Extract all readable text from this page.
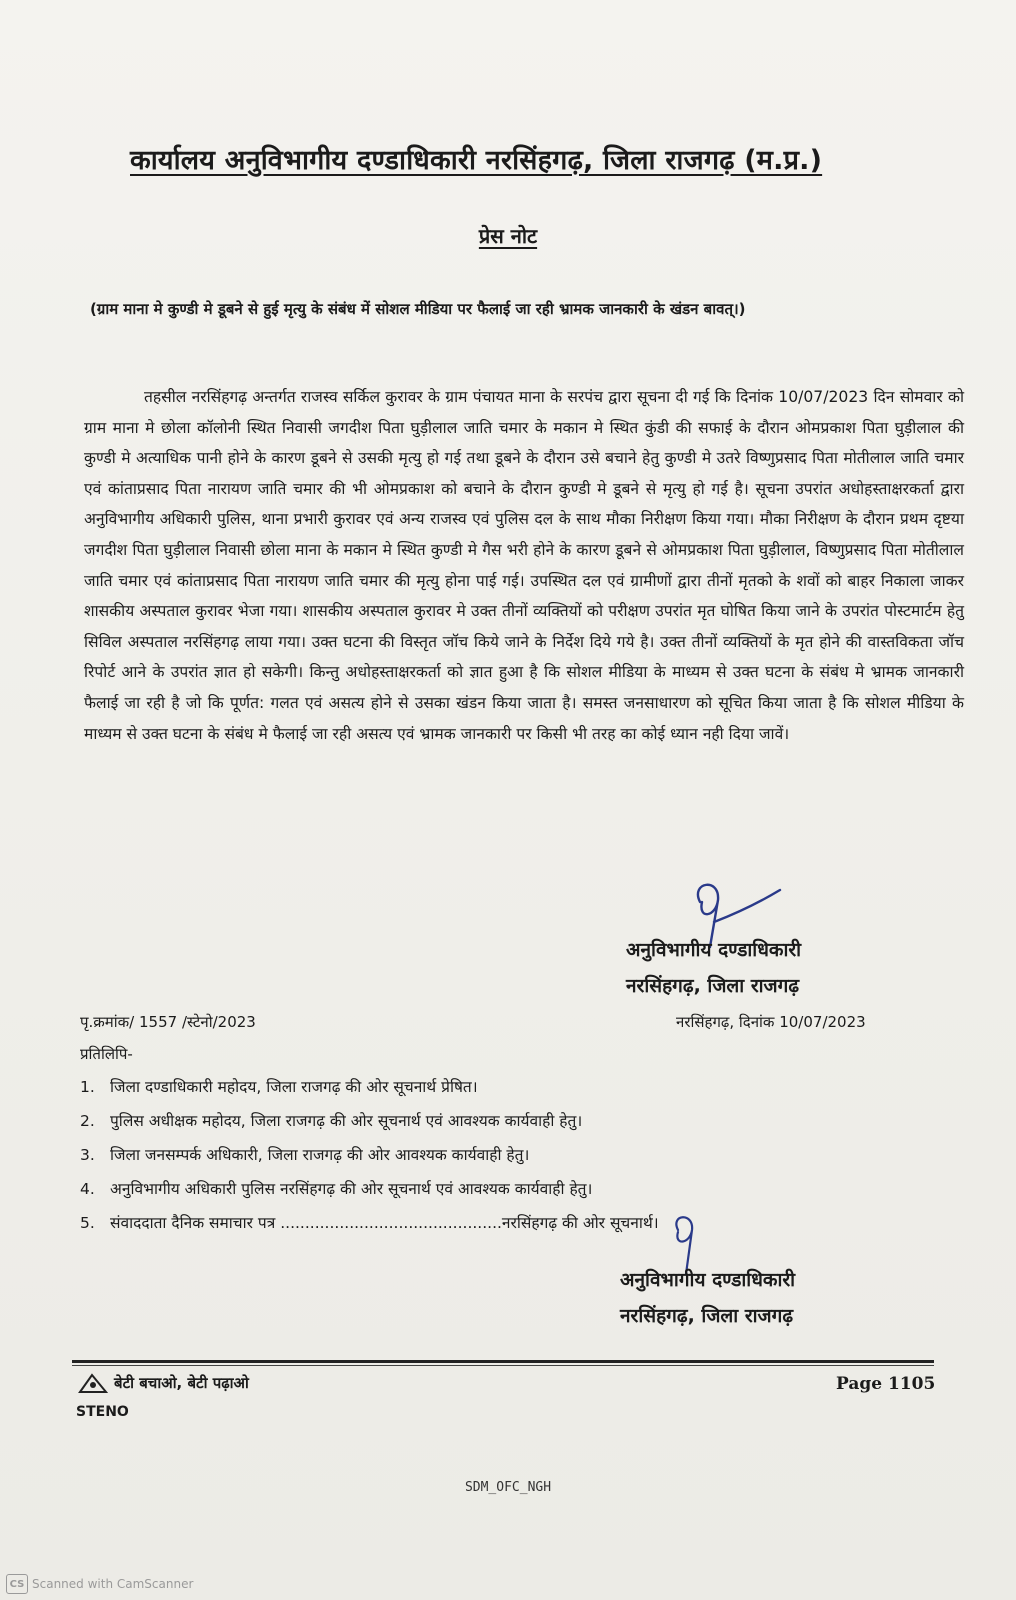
कार्यालय अनुविभागीय दण्डाधिकारी नरसिंहगढ़, जिला राजगढ़ (म.प्र.)
प्रेस नोट
(ग्राम माना मे कुण्डी मे डूबने से हुई मृत्यु के संबंध में सोशल मीडिया पर फैलाई जा रही भ्रामक जानकारी के खंडन बावत्।)
तहसील नरसिंहगढ़ अन्तर्गत राजस्व सर्किल कुरावर के ग्राम पंचायत माना के सरपंच द्वारा सूचना दी गई कि दिनांक 10/07/2023 दिन सोमवार को ग्राम माना मे छोला कॉलोनी स्थित निवासी जगदीश पिता घुड़ीलाल जाति चमार के मकान मे स्थित कुंडी की सफाई के दौरान ओमप्रकाश पिता घुड़ीलाल की कुण्डी मे अत्याधिक पानी होने के कारण डूबने से उसकी मृत्यु हो गई तथा डूबने के दौरान उसे बचाने हेतु कुण्डी मे उतरे विष्णुप्रसाद पिता मोतीलाल जाति चमार एवं कांताप्रसाद पिता नारायण जाति चमार की भी ओमप्रकाश को बचाने के दौरान कुण्डी मे डूबने से मृत्यु हो गई है। सूचना उपरांत अधोहस्ताक्षरकर्ता द्वारा अनुविभागीय अधिकारी पुलिस, थाना प्रभारी कुरावर एवं अन्य राजस्व एवं पुलिस दल के साथ मौका निरीक्षण किया गया। मौका निरीक्षण के दौरान प्रथम दृष्टया जगदीश पिता घुड़ीलाल निवासी छोला माना के मकान मे स्थित कुण्डी मे गैस भरी होने के कारण डूबने से ओमप्रकाश पिता घुड़ीलाल, विष्णुप्रसाद पिता मोतीलाल जाति चमार एवं कांताप्रसाद पिता नारायण जाति चमार की मृत्यु होना पाई गई। उपस्थित दल एवं ग्रामीणों द्वारा तीनों मृतको के शवों को बाहर निकाला जाकर शासकीय अस्पताल कुरावर भेजा गया। शासकीय अस्पताल कुरावर मे उक्त तीनों व्यक्तियों को परीक्षण उपरांत मृत घोषित किया जाने के उपरांत पोस्टमार्टम हेतु सिविल अस्पताल नरसिंहगढ़ लाया गया। उक्त घटना की विस्तृत जॉच किये जाने के निर्देश दिये गये है। उक्त तीनों व्यक्तियों के मृत होने की वास्तविकता जॉच रिपोर्ट आने के उपरांत ज्ञात हो सकेगी। किन्तु अधोहस्ताक्षरकर्ता को ज्ञात हुआ है कि सोशल मीडिया के माध्यम से उक्त घटना के संबंध मे भ्रामक जानकारी फैलाई जा रही है जो कि पूर्णत: गलत एवं असत्य होने से उसका खंडन किया जाता है। समस्त जनसाधारण को सूचित किया जाता है कि सोशल मीडिया के माध्यम से उक्त घटना के संबंध मे फैलाई जा रही असत्य एवं भ्रामक जानकारी पर किसी भी तरह का कोई ध्यान नही दिया जावें।
अनुविभागीय दण्डाधिकारी
नरसिंहगढ़, जिला राजगढ़
पृ.क्रमांक/ 1557 /स्टेनो/2023	नरसिंहगढ़, दिनांक 10/07/2023
प्रतिलिपि-
1. जिला दण्डाधिकारी महोदय, जिला राजगढ़ की ओर सूचनार्थ प्रेषित।
2. पुलिस अधीक्षक महोदय, जिला राजगढ़ की ओर सूचनार्थ एवं आवश्यक कार्यवाही हेतु।
3. जिला जनसम्पर्क अधिकारी, जिला राजगढ़ की ओर आवश्यक कार्यवाही हेतु।
4. अनुविभागीय अधिकारी पुलिस नरसिंहगढ़ की ओर सूचनार्थ एवं आवश्यक कार्यवाही हेतु।
5. संवाददाता दैनिक समाचार पत्र .............................................नरसिंहगढ़ की ओर सूचनार्थ।
अनुविभागीय दण्डाधिकारी
नरसिंहगढ़, जिला राजगढ़
बेटी बचाओ, बेटी पढ़ाओ	Page 1105
STENO
SDM_OFC_NGH
CS Scanned with CamScanner
